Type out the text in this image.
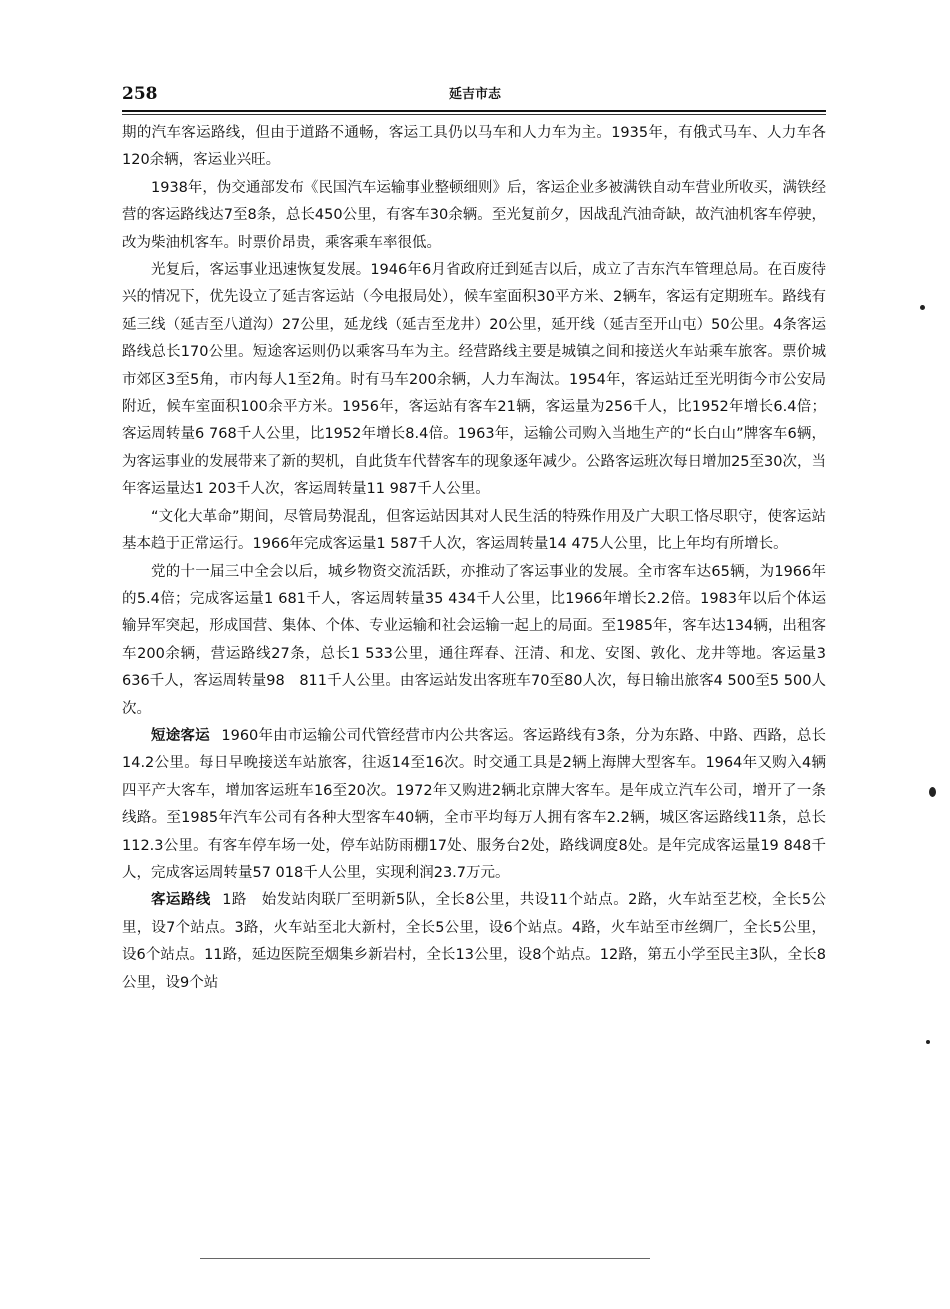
258	延吉市志

期的汽车客运路线，但由于道路不通畅，客运工具仍以马车和人力车为主。1935年，有俄式马车、人力车各120余辆，客运业兴旺。

1938年，伪交通部发布《民国汽车运输事业整顿细则》后，客运企业多被满铁自动车营业所收买，满铁经营的客运路线达7至8条，总长450公里，有客车30余辆。至光复前夕，因战乱汽油奇缺，故汽油机客车停驶，改为柴油机客车。时票价昂贵，乘客乘车率很低。

光复后，客运事业迅速恢复发展。1946年6月省政府迁到延吉以后，成立了吉东汽车管理总局。在百废待兴的情况下，优先设立了延吉客运站（今电报局处），候车室面积30平方米、2辆车，客运有定期班车。路线有延三线（延吉至八道沟）27公里，延龙线（延吉至龙井）20公里，延开线（延吉至开山屯）50公里。4条客运路线总长170公里。短途客运则仍以乘客马车为主。经营路线主要是城镇之间和接送火车站乘车旅客。票价城市郊区3至5角，市内每人1至2角。时有马车200余辆，人力车淘汰。1954年，客运站迁至光明街今市公安局附近，候车室面积100余平方米。1956年，客运站有客车21辆，客运量为256千人，比1952年增长6.4倍；客运周转量6 768千人公里，比1952年增长8.4倍。1963年，运输公司购入当地生产的“长白山”牌客车6辆，为客运事业的发展带来了新的契机，自此货车代替客车的现象逐年减少。公路客运班次每日增加25至30次，当年客运量达1 203千人次，客运周转量11 987千人公里。

“文化大革命”期间，尽管局势混乱，但客运站因其对人民生活的特殊作用及广大职工恪尽职守，使客运站基本趋于正常运行。1966年完成客运量1 587千人次，客运周转量14 475人公里，比上年均有所增长。

党的十一届三中全会以后，城乡物资交流活跃，亦推动了客运事业的发展。全市客车达65辆，为1966年的5.4倍；完成客运量1 681千人，客运周转量35 434千人公里，比1966年增长2.2倍。1983年以后个体运输异军突起，形成国营、集体、个体、专业运输和社会运输一起上的局面。至1985年，客车达134辆，出租客车200余辆，营运路线27条，总长1 533公里，通往珲春、汪清、和龙、安图、敦化、龙井等地。客运量3 636千人，客运周转量98　811千人公里。由客运站发出客班车70至80人次，每日输出旅客4 500至5 500人次。

短途客运 1960年由市运输公司代管经营市内公共客运。客运路线有3条，分为东路、中路、西路，总长14.2公里。每日早晚接送车站旅客，往返14至16次。时交通工具是2辆上海牌大型客车。1964年又购入4辆四平产大客车，增加客运班车16至20次。1972年又购进2辆北京牌大客车。是年成立汽车公司，增开了一条线路。至1985年汽车公司有各种大型客车40辆，全市平均每万人拥有客车2.2辆，城区客运路线11条，总长112.3公里。有客车停车场一处，停车站防雨棚17处、服务台2处，路线调度8处。是年完成客运量19 848千人，完成客运周转量57 018千人公里，实现利润23.7万元。

客运路线 1路　始发站肉联厂至明新5队，全长8公里，共设11个站点。2路，火车站至艺校，全长5公里，设7个站点。3路，火车站至北大新村，全长5公里，设6个站点。4路，火车站至市丝绸厂，全长5公里，设6个站点。11路，延边医院至烟集乡新岩村，全长13公里，设8个站点。12路，第五小学至民主3队，全长8公里，设9个站
